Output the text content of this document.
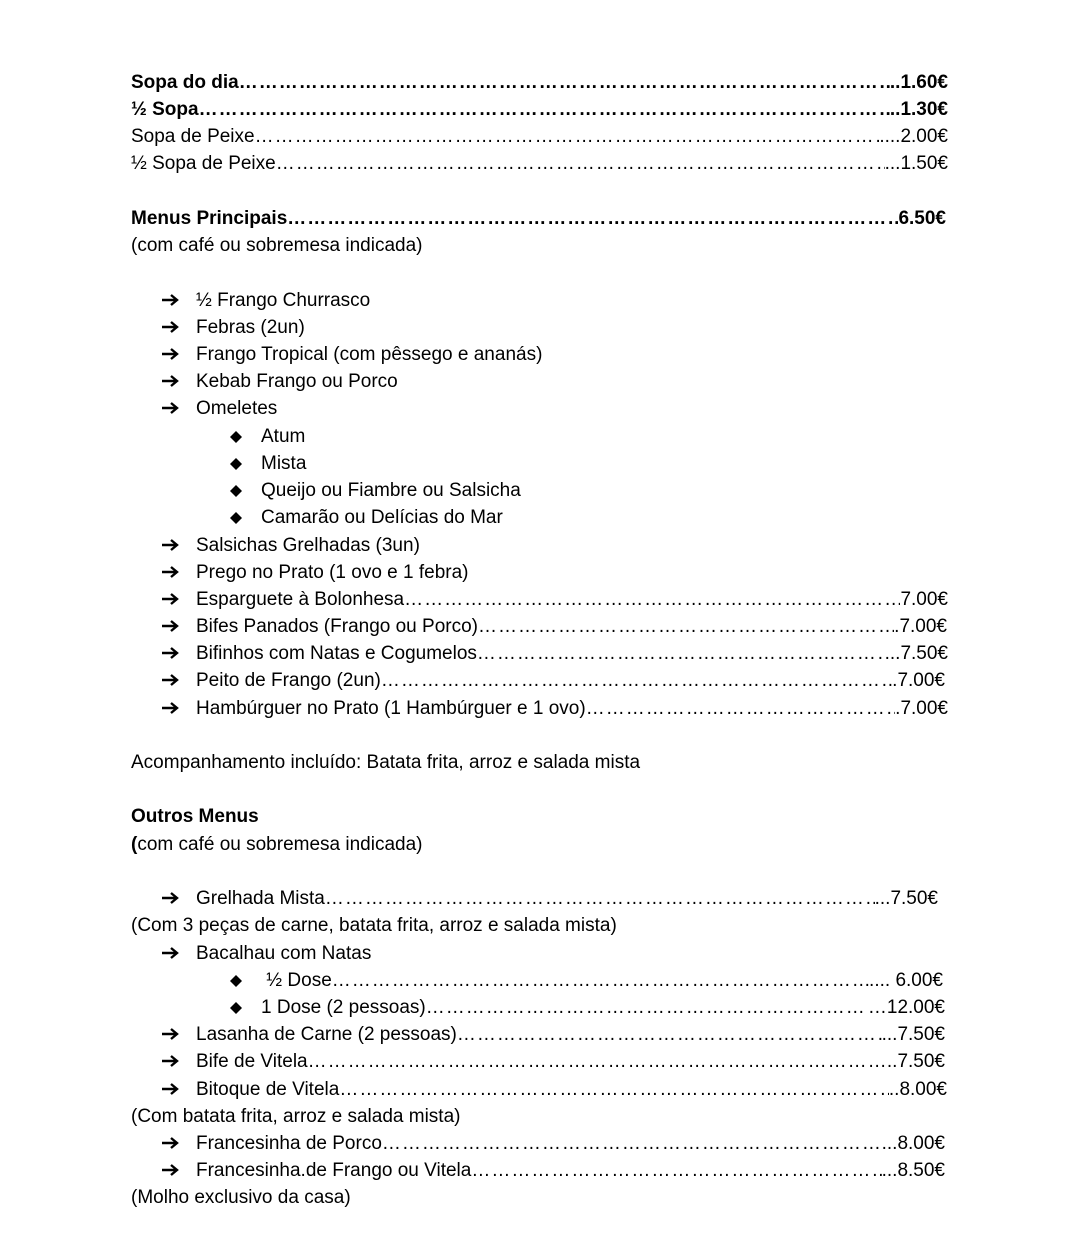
Sopa do dia ……………………………………………………………………………………………………………………………………………………………………………………………………………………	..1.60€
½ Sopa ……………………………………………………………………………………………………………………………………………………………………………………………………………………	..1.30€
Sopa de Peixe ……………………………………………………………………………………………………………………………………………………………………………………………………………………	....2.00€
½ Sopa de Peixe ……………………………………………………………………………………………………………………………………………………………………………………………………………………	...1.50€
Menus Principais ……………………………………………………………………………………………………………………………………………………………………………………………………………………	6.50€
(com café ou sobremesa indicada)
½ Frango Churrasco
Febras (2un)
Frango Tropical (com pêssego e ananás)
Kebab Frango ou Porco
Omeletes
Atum
Mista
Queijo ou Fiambre ou Salsicha
Camarão ou Delícias do Mar
Salsichas Grelhadas (3un)
Prego no Prato (1 ovo e 1 febra)
Esparguete à Bolonhesa ……………………………………………………………………………………………………………………………………………………………………………………………………………………	7.00€
Bifes Panados (Frango ou Porco) ……………………………………………………………………………………………………………………………………………………………………………………………………………………	.7.00€
Bifinhos com Natas e Cogumelos ……………………………………………………………………………………………………………………………………………………………………………………………………………………	...7.50€
Peito de Frango (2un) ……………………………………………………………………………………………………………………………………………………………………………………………………………………	.7.00€
Hambúrguer no Prato (1 Hambúrguer e 1 ovo) ……………………………………………………………………………………………………………………………………………………………………………………………………………………	.7.00€
Acompanhamento incluído: Batata frita, arroz e salada mista
Outros Menus
(com café ou sobremesa indicada)
Grelhada Mista ……………………………………………………………………………………………………………………………………………………………………………………………………………………	...7.50€
(Com 3 peças de carne, batata frita, arroz e salada mista)
Bacalhau com Natas
½ Dose ……………………………………………………………………………………………………………………………………………………………………………………………………………………	.... 6.00€
1 Dose (2 pessoas) ……………………………………………………………………………………………………………………………………………………………………………………………………………………	…12.00€
Lasanha de Carne (2 pessoas) ……………………………………………………………………………………………………………………………………………………………………………………………………………………	...7.50€
Bife de Vitela ……………………………………………………………………………………………………………………………………………………………………………………………………………………	..7.50€
Bitoque de Vitela ……………………………………………………………………………………………………………………………………………………………………………………………………………………	..8.00€
(Com batata frita, arroz e salada mista)
Francesinha de Porco ……………………………………………………………………………………………………………………………………………………………………………………………………………………	...8.00€
Francesinha.de Frango ou Vitela ……………………………………………………………………………………………………………………………………………………………………………………………………………………	...8.50€
(Molho exclusivo da casa)
